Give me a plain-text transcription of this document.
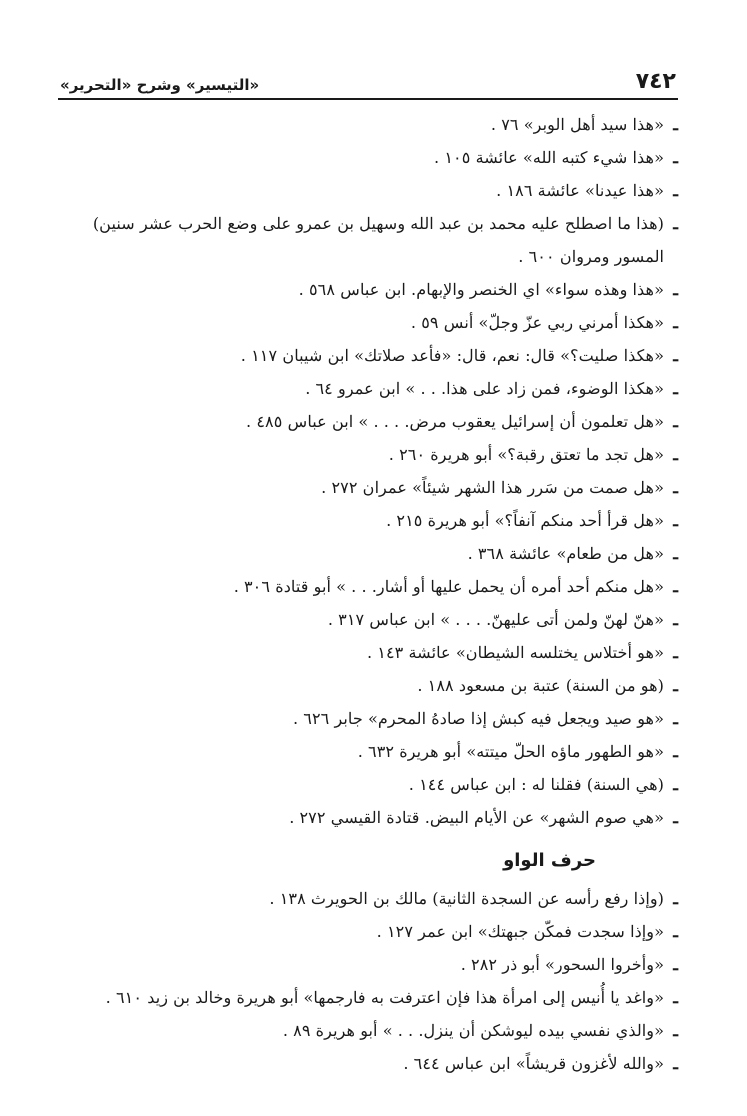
٧٤٢
«التيسير» وشرح «التحرير»
ـ«هذا سيد أهل الوبر» ٧٦ .
ـ«هذا شيء كتبه الله» عائشة ١٠٥ .
ـ«هذا عيدنا» عائشة ١٨٦ .
ـ(هذا ما اصطلح عليه محمد بن عبد الله وسهيل بن عمرو على وضع الحرب عشر سنين) المسور ومروان ٦٠٠ .
ـ«هذا وهذه سواء» اي الخنصر والإبهام. ابن عباس ٥٦٨ .
ـ«هكذا أمرني ربي عزّ وجلّ» أنس ٥٩ .
ـ«هكذا صليت؟» قال: نعم، قال: «فأعد صلاتك» ابن شيبان ١١٧ .
ـ«هكذا الوضوء، فمن زاد على هذا. . . » ابن عمرو ٦٤ .
ـ«هل تعلمون أن إسرائيل يعقوب مرض. . . . » ابن عباس ٤٨٥ .
ـ«هل تجد ما تعتق رقبة؟» أبو هريرة ٢٦٠ .
ـ«هل صمت من سَرر هذا الشهر شيئاً» عمران ٢٧٢ .
ـ«هل قرأ أحد منكم آنفاً؟» أبو هريرة ٢١٥ .
ـ«هل من طعام» عائشة ٣٦٨ .
ـ«هل منكم أحد أمره أن يحمل عليها أو أشار. . . » أبو قتادة ٣٠٦ .
ـ«هنّ لهنّ ولمن أتى عليهنّ. . . . » ابن عباس ٣١٧ .
ـ«هو أختلاس يختلسه الشيطان» عائشة ١٤٣ .
ـ(هو من السنة) عتبة بن مسعود ١٨٨ .
ـ«هو صيد ويجعل فيه كبش إذا صادهُ المحرم» جابر ٦٢٦ .
ـ«هو الطهور ماؤه الحلّ ميتته» أبو هريرة ٦٣٢ .
ـ(هي السنة) فقلنا له : ابن عباس ١٤٤ .
ـ«هي صوم الشهر» عن الأيام البيض. قتادة القيسي ٢٧٢ .
حرف الواو
ـ(وإذا رفع رأسه عن السجدة الثانية) مالك بن الحويرث ١٣٨ .
ـ«وإذا سجدت فمكّن جبهتك» ابن عمر ١٢٧ .
ـ«وأخروا السحور» أبو ذر ٢٨٢ .
ـ«واغد يا أُنيس إلى امرأة هذا فإن اعترفت به فارجمها» أبو هريرة وخالد بن زيد ٦١٠ .
ـ«والذي نفسي بيده ليوشكن أن ينزل. . . » أبو هريرة ٨٩ .
ـ«والله لأغزون قريشاً» ابن عباس ٦٤٤ .
